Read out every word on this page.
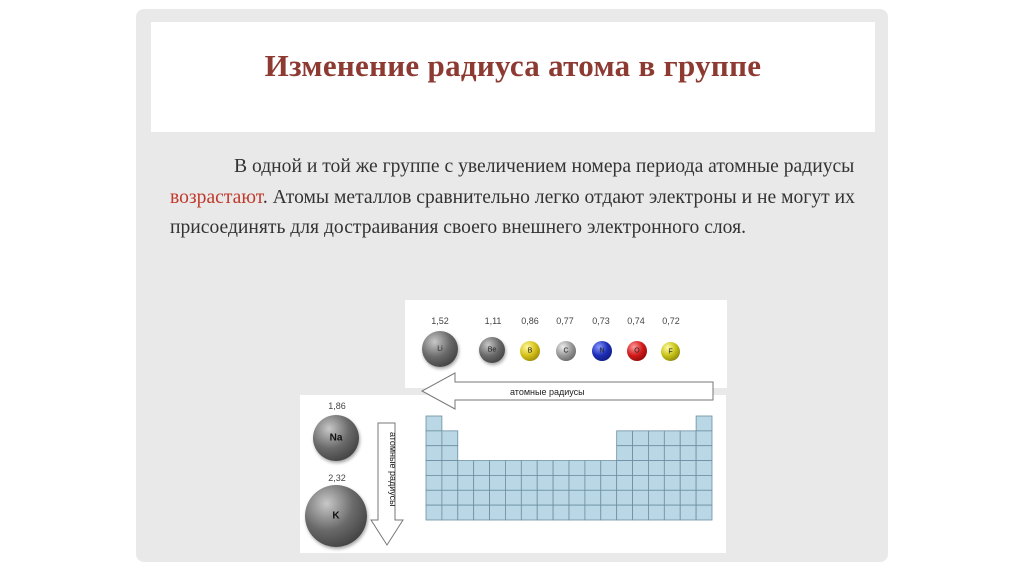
Изменение радиуса атома в группе
В одной и той же группе с увеличением номера периода атомные радиусы возрастают. Атомы металлов сравнительно легко отдают электроны и не могут их присоединять для достраивания своего внешнего электронного слоя.
1,52	1,11	0,86	0,77	0,73	0,74	0,72
Li	Be	B	C	N	O	F
1,86
Na
2,32
K
атомные радиусы
атомные радиусы
